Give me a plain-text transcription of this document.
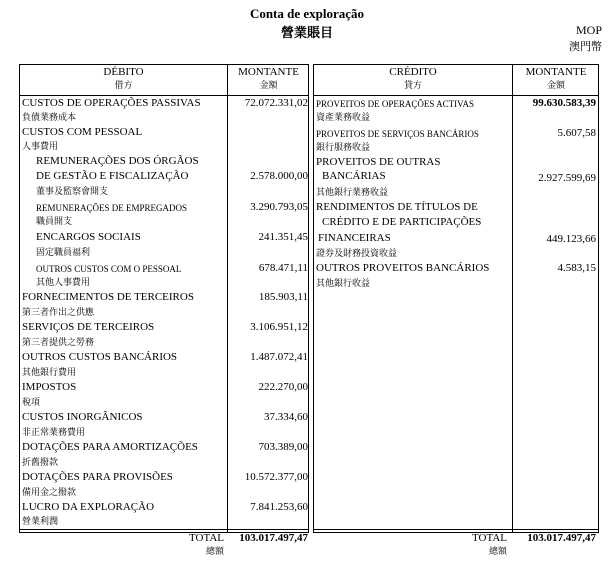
Conta de exploração
營業賬目	MOP
澳門幣
DÉBITO
借方
MONTANTE
金額
CRÉDITO
貸方
MONTANTE
金額
CUSTOS DE OPERAÇÕES PASSIVAS	72.072.331,02
負債業務成本
CUSTOS COM PESSOAL
人事費用
REMUNERAÇÕES DOS ÓRGÃOS
DE GESTÃO E FISCALIZAÇÃO	2.578.000,00
董事及監察會開支
REMUNERAÇÕES DE EMPREGADOS	3.290.793,05
職員開支
ENCARGOS SOCIAIS	241.351,45
固定職員福利
OUTROS CUSTOS COM O PESSOAL	678.471,11
其他人事費用
FORNECIMENTOS DE TERCEIROS	185.903,11
第三者作出之供應
SERVIÇOS DE TERCEIROS	3.106.951,12
第三者提供之勞務
OUTROS CUSTOS BANCÁRIOS	1.487.072,41
其他銀行費用
IMPOSTOS	222.270,00
稅項
CUSTOS INORGÂNICOS	37.334,60
非正常業務費用
DOTAÇÕES PARA AMORTIZAÇÕES	703.389,00
折舊撥款
DOTAÇÕES PARA PROVISÕES	10.572.377,00
備用金之撥款
LUCRO DA EXPLORAÇÃO	7.841.253,60
營業利潤
PROVEITOS DE OPERAÇÕES ACTIVAS	99.630.583,39
資產業務收益
PROVEITOS DE SERVIÇOS BANCÁRIOS	5.607,58
銀行服務收益
PROVEITOS DE OUTRAS
BANCÁRIAS	2.927.599,69
其他銀行業務收益
RENDIMENTOS DE TÍTULOS DE
CRÉDITO E DE PARTICIPAÇÕES
FINANCEIRAS	449.123,66
證券及財務投資收益
OUTROS PROVEITOS BANCÁRIOS	4.583,15
其他銀行收益
TOTAL
總額
103.017.497,47	TOTAL
總額
103.017.497,47
